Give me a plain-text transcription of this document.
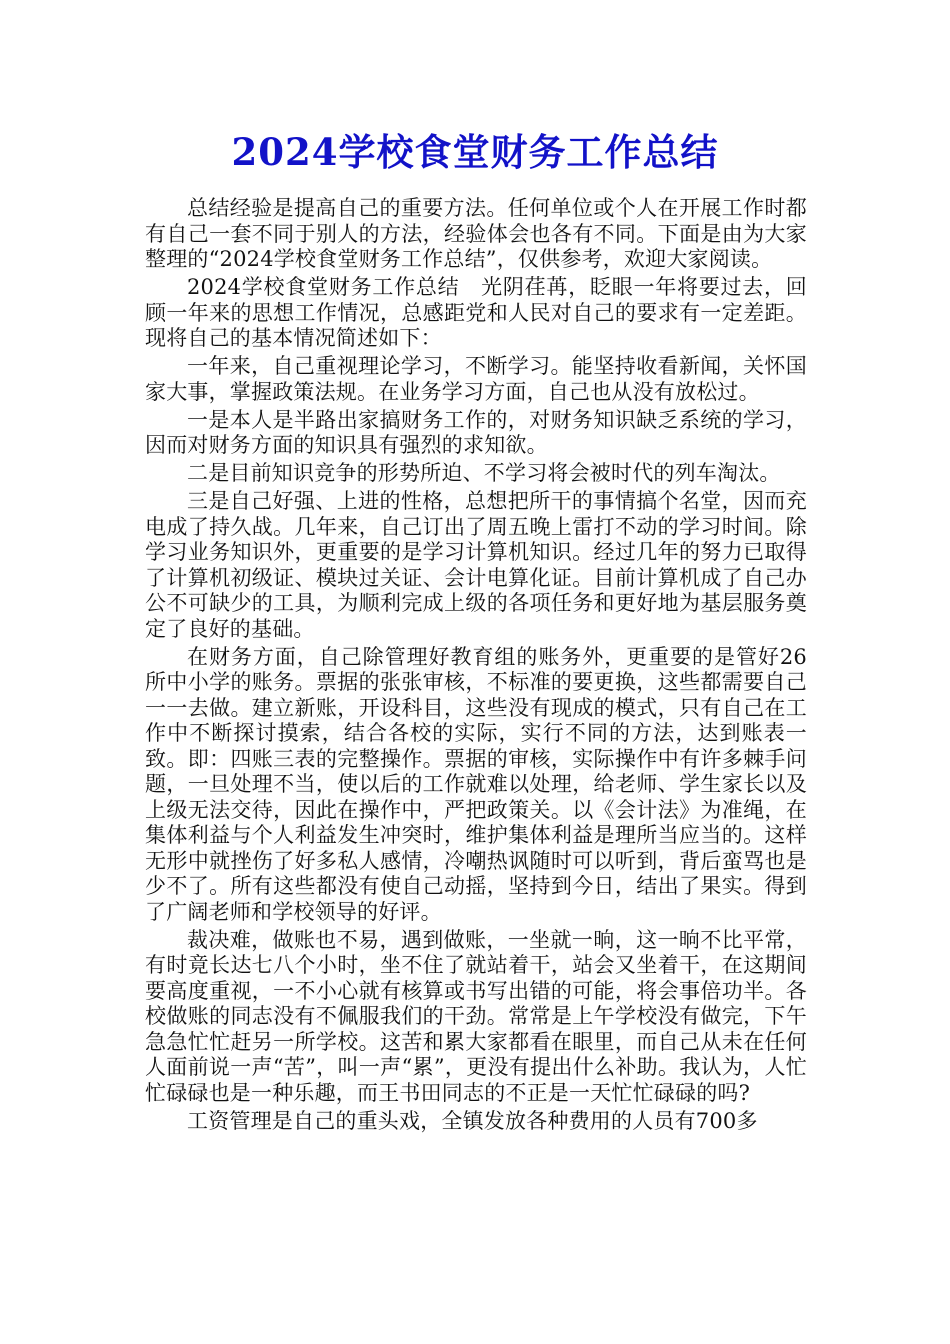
2024学校食堂财务工作总结

总结经验是提高自己的重要方法。任何单位或个人在开展工作时都有自己一套不同于别人的方法，经验体会也各有不同。下面是由为大家整理的“2024学校食堂财务工作总结”，仅供参考，欢迎大家阅读。

2024学校食堂财务工作总结　光阴荏苒，眨眼一年将要过去，回顾一年来的思想工作情况，总感距党和人民对自己的要求有一定差距。现将自己的基本情况简述如下：

一年来，自己重视理论学习，不断学习。能坚持收看新闻，关怀国家大事，掌握政策法规。在业务学习方面，自己也从没有放松过。

一是本人是半路出家搞财务工作的，对财务知识缺乏系统的学习，因而对财务方面的知识具有强烈的求知欲。

二是目前知识竞争的形势所迫、不学习将会被时代的列车淘汰。

三是自己好强、上进的性格，总想把所干的事情搞个名堂，因而充电成了持久战。几年来，自己订出了周五晚上雷打不动的学习时间。除学习业务知识外，更重要的是学习计算机知识。经过几年的努力已取得了计算机初级证、模块过关证、会计电算化证。目前计算机成了自己办公不可缺少的工具，为顺利完成上级的各项任务和更好地为基层服务奠定了良好的基础。

在财务方面，自己除管理好教育组的账务外，更重要的是管好26所中小学的账务。票据的张张审核，不标准的要更换，这些都需要自己一一去做。建立新账，开设科目，这些没有现成的模式，只有自己在工作中不断探讨摸索，结合各校的实际，实行不同的方法，达到账表一致。即：四账三表的完整操作。票据的审核，实际操作中有许多棘手问题，一旦处理不当，使以后的工作就难以处理，给老师、学生家长以及上级无法交待，因此在操作中，严把政策关。以《会计法》为准绳，在集体利益与个人利益发生冲突时，维护集体利益是理所当应当的。这样无形中就挫伤了好多私人感情，冷嘲热讽随时可以听到，背后蛮骂也是少不了。所有这些都没有使自己动摇，坚持到今日，结出了果实。得到了广阔老师和学校领导的好评。

裁决难，做账也不易，遇到做账，一坐就一晌，这一晌不比平常，有时竟长达七八个小时，坐不住了就站着干，站会又坐着干，在这期间要高度重视，一不小心就有核算或书写出错的可能，将会事倍功半。各校做账的同志没有不佩服我们的干劲。常常是上午学校没有做完，下午急急忙忙赶另一所学校。这苦和累大家都看在眼里，而自己从未在任何人面前说一声“苦”，叫一声“累”，更没有提出什么补助。我认为，人忙忙碌碌也是一种乐趣，而王书田同志的不正是一天忙忙碌碌的吗?

工资管理是自己的重头戏，全镇发放各种费用的人员有700多
